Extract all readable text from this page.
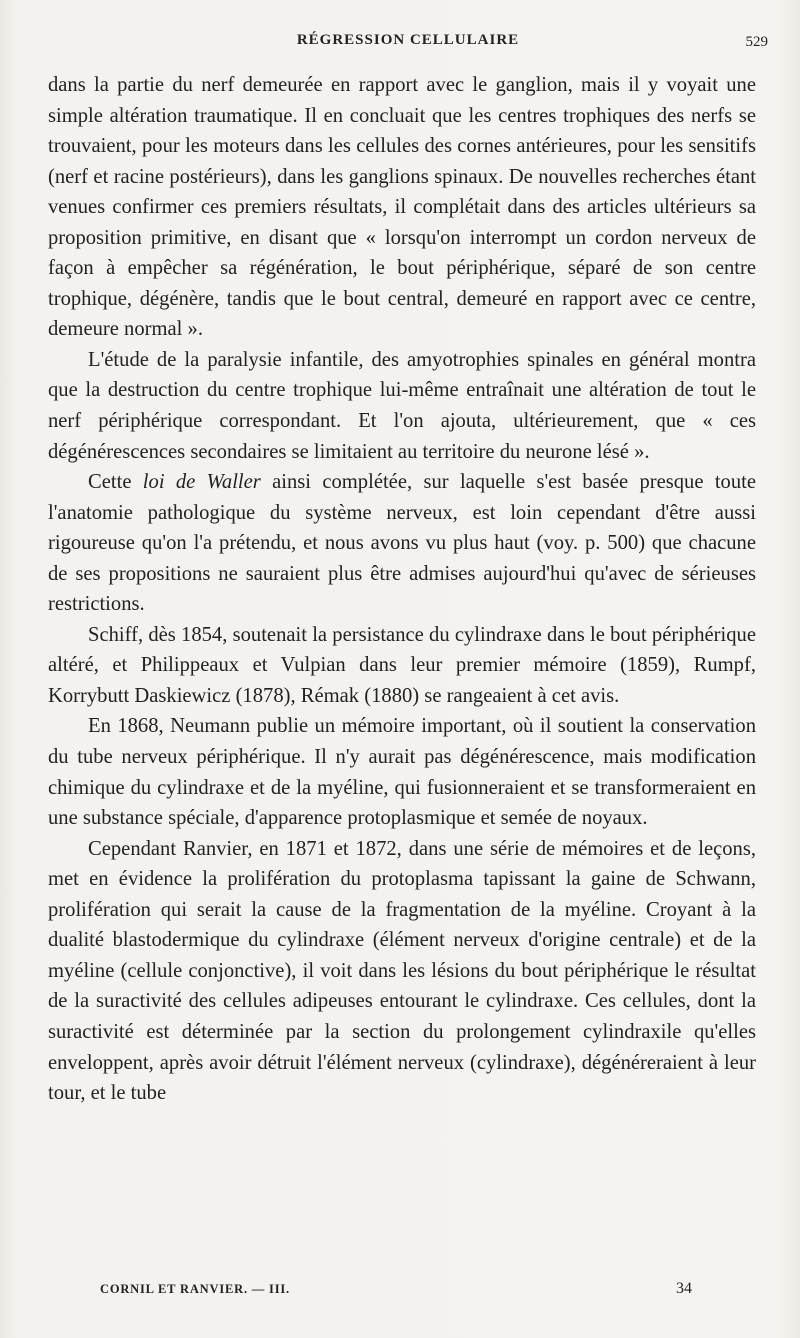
RÉGRESSION CELLULAIRE	529

dans la partie du nerf demeurée en rapport avec le ganglion, mais il y voyait une simple altération traumatique. Il en concluait que les centres trophiques des nerfs se trouvaient, pour les moteurs dans les cellules des cornes antérieures, pour les sensitifs (nerf et racine postérieurs), dans les ganglions spinaux. De nouvelles recherches étant venues confirmer ces premiers résultats, il complétait dans des articles ultérieurs sa proposition primitive, en disant que « lorsqu'on interrompt un cordon nerveux de façon à empêcher sa régénération, le bout périphérique, séparé de son centre trophique, dégénère, tandis que le bout central, demeuré en rapport avec ce centre, demeure normal ».

L'étude de la paralysie infantile, des amyotrophies spinales en général montra que la destruction du centre trophique lui-même entraînait une altération de tout le nerf périphérique correspondant. Et l'on ajouta, ultérieurement, que « ces dégénérescences secondaires se limitaient au territoire du neurone lésé ».

Cette loi de Waller ainsi complétée, sur laquelle s'est basée presque toute l'anatomie pathologique du système nerveux, est loin cependant d'être aussi rigoureuse qu'on l'a prétendu, et nous avons vu plus haut (voy. p. 500) que chacune de ses propositions ne sauraient plus être admises aujourd'hui qu'avec de sérieuses restrictions.

Schiff, dès 1854, soutenait la persistance du cylindraxe dans le bout périphérique altéré, et Philippeaux et Vulpian dans leur premier mémoire (1859), Rumpf, Korrybutt Daskiewicz (1878), Rémak (1880) se rangeaient à cet avis.

En 1868, Neumann publie un mémoire important, où il soutient la conservation du tube nerveux périphérique. Il n'y aurait pas dégénérescence, mais modification chimique du cylindraxe et de la myéline, qui fusionneraient et se transformeraient en une substance spéciale, d'apparence protoplasmique et semée de noyaux.

Cependant Ranvier, en 1871 et 1872, dans une série de mémoires et de leçons, met en évidence la prolifération du protoplasma tapissant la gaine de Schwann, prolifération qui serait la cause de la fragmentation de la myéline. Croyant à la dualité blastodermique du cylindraxe (élément nerveux d'origine centrale) et de la myéline (cellule conjonctive), il voit dans les lésions du bout périphérique le résultat de la suractivité des cellules adipeuses entourant le cylindraxe. Ces cellules, dont la suractivité est déterminée par la section du prolongement cylindraxile qu'elles enveloppent, après avoir détruit l'élément nerveux (cylindraxe), dégénéreraient à leur tour, et le tube

CORNIL ET RANVIER. — III.	34
